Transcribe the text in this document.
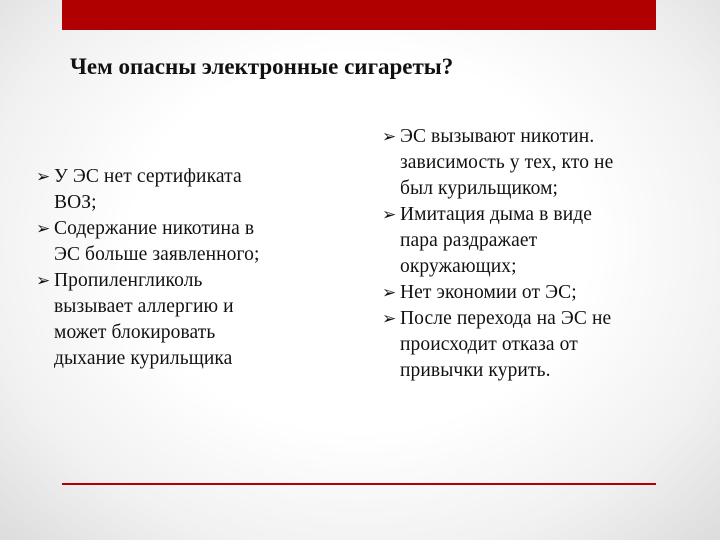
Чем опасны электронные сигареты?
➢ У ЭС нет сертификата
ВОЗ;
➢ Содержание никотина в
ЭС больше заявленного;
➢ Пропиленгликоль
вызывает аллергию и
может блокировать
дыхание курильщика
➢ ЭС вызывают никотин.
зависимость у тех, кто не
был курильщиком;
➢ Имитация дыма в виде
пара раздражает
окружающих;
➢ Нет экономии от ЭС;
➢ После перехода на ЭС не
происходит отказа от
привычки курить.
